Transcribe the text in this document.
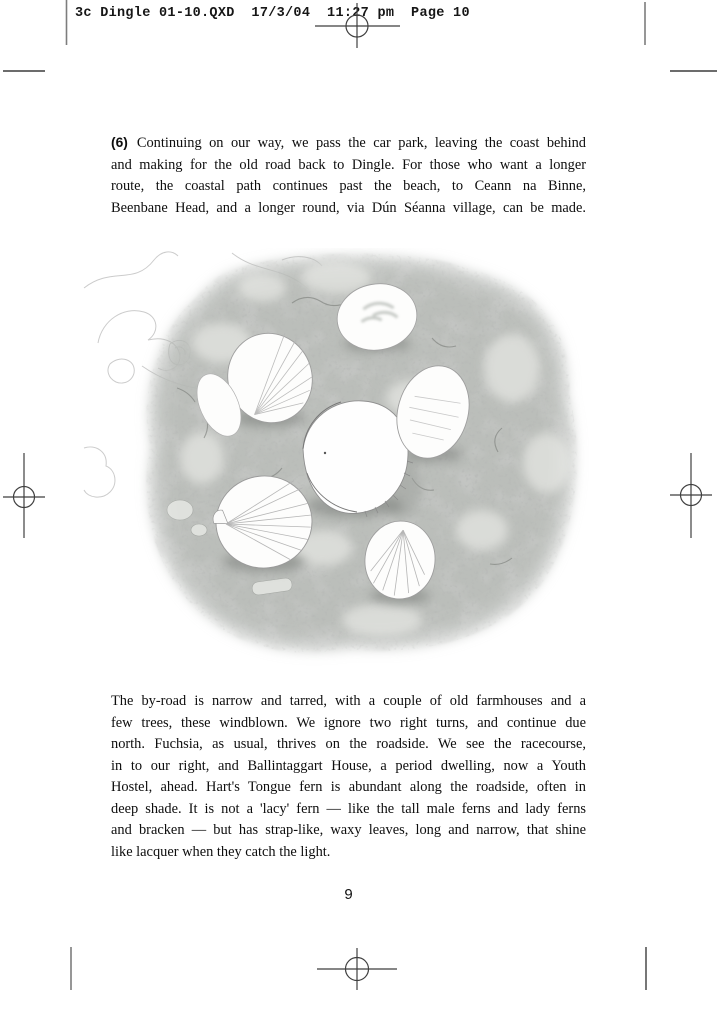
3c Dingle 01-10.QXD  17/3/04  11:27 pm  Page 10
(6) Continuing on our way, we pass the car park, leaving the coast behind
and making for the old road back to Dingle. For those who want a longer
route, the coastal path continues past the beach, to Ceann na Binne,
Beenbane Head, and a longer round, via Dún Séanna village, can be made.
The by-road is narrow and tarred, with a couple of old farmhouses and a
few trees, these windblown. We ignore two right turns, and continue due
north. Fuchsia, as usual, thrives on the roadside. We see the racecourse,
in to our right, and Ballintaggart House, a period dwelling, now a Youth
Hostel, ahead. Hart's Tongue fern is abundant along the roadside, often in
deep shade. It is not a 'lacy' fern — like the tall male ferns and lady ferns
and bracken — but has strap-like, waxy leaves, long and narrow, that shine
like lacquer when they catch the light.
9
